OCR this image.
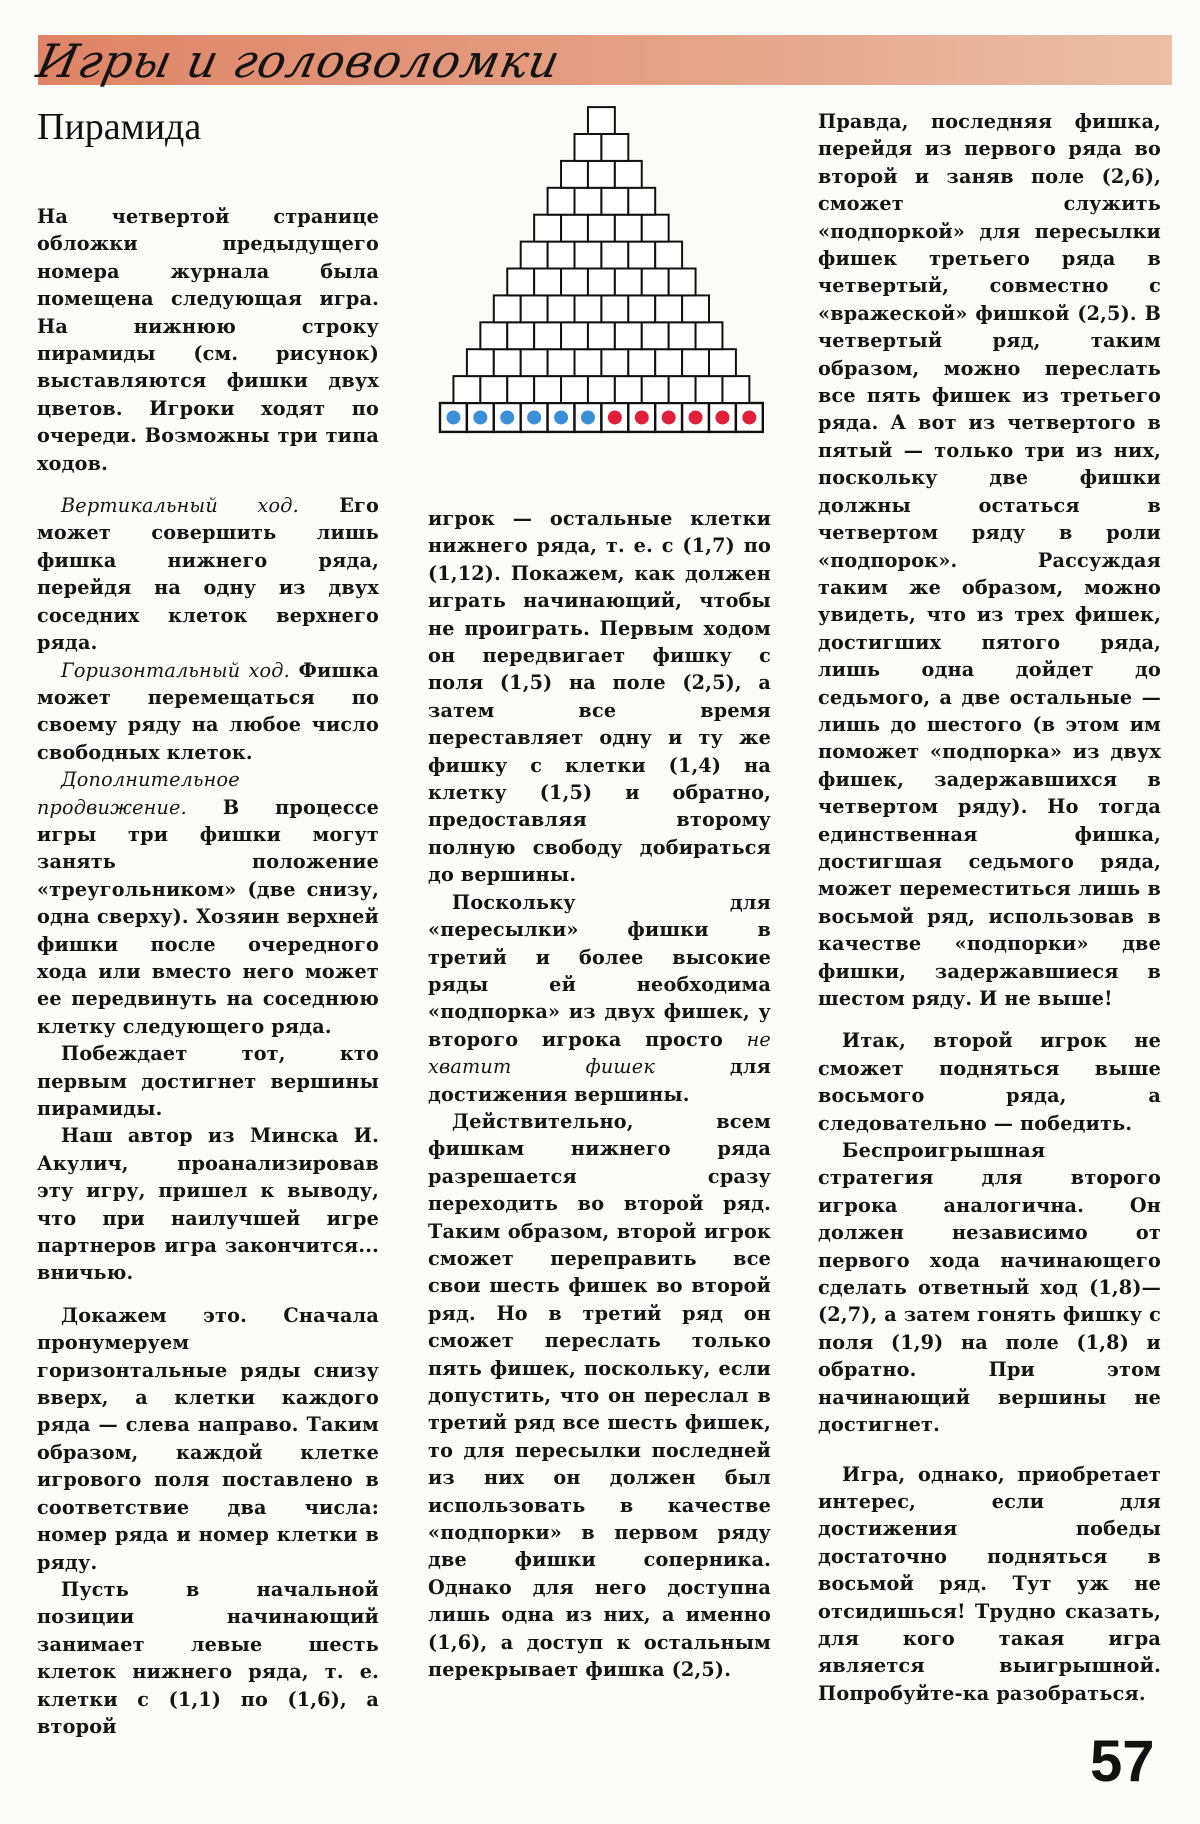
Игры и головоломки
Пирамида

На четвертой странице обложки предыдущего номера журнала была помещена следующая игра. На нижнюю строку пирамиды (см. рисунок) выставляются фишки двух цветов. Игроки ходят по очереди. Возможны три типа ходов.

Вертикальный ход. Его может совершить лишь фишка нижнего ряда, перейдя на одну из двух соседних клеток верхнего ряда.

Горизонтальный ход. Фишка может перемещаться по своему ряду на любое число свободных клеток.

Дополнительное продвижение. В процессе игры три фишки могут занять положение «треугольником» (две снизу, одна сверху). Хозяин верхней фишки после очередного хода или вместо него может ее передвинуть на соседнюю клетку следующего ряда.

Побеждает тот, кто первым достигнет вершины пирамиды.

Наш автор из Минска И. Акулич, проанализировав эту игру, пришел к выводу, что при наилучшей игре партнеров игра закончится... вничью.

Докажем это. Сначала пронумеруем горизонтальные ряды снизу вверх, а клетки каждого ряда — слева направо. Таким образом, каждой клетке игрового поля поставлено в соответствие два числа: номер ряда и номер клетки в ряду.

Пусть в начальной позиции начинающий занимает левые шесть клеток нижнего ряда, т. е. клетки с (1,1) по (1,6), а второй

игрок — остальные клетки нижнего ряда, т. е. с (1,7) по (1,12). Покажем, как должен играть начинающий, чтобы не проиграть. Первым ходом он передвигает фишку с поля (1,5) на поле (2,5), а затем все время переставляет одну и ту же фишку с клетки (1,4) на клетку (1,5) и обратно, предоставляя второму полную свободу добираться до вершины.

Поскольку для «пересылки» фишки в третий и более высокие ряды ей необходима «подпорка» из двух фишек, у второго игрока просто не хватит фишек для достижения вершины.

Действительно, всем фишкам нижнего ряда разрешается сразу переходить во второй ряд. Таким образом, второй игрок сможет переправить все свои шесть фишек во второй ряд. Но в третий ряд он сможет переслать только пять фишек, поскольку, если допустить, что он переслал в третий ряд все шесть фишек, то для пересылки последней из них он должен был использовать в качестве «подпорки» в первом ряду две фишки соперника. Однако для него доступна лишь одна из них, а именно (1,6), а доступ к остальным перекрывает фишка (2,5).

Правда, последняя фишка, перейдя из первого ряда во второй и заняв поле (2,6), сможет служить «подпоркой» для пересылки фишек третьего ряда в четвертый, совместно с «вражеской» фишкой (2,5). В четвертый ряд, таким образом, можно переслать все пять фишек из третьего ряда. А вот из четвертого в пятый — только три из них, поскольку две фишки должны остаться в четвертом ряду в роли «подпорок». Рассуждая таким же образом, можно увидеть, что из трех фишек, достигших пятого ряда, лишь одна дойдет до седьмого, а две остальные — лишь до шестого (в этом им поможет «подпорка» из двух фишек, задержавшихся в четвертом ряду). Но тогда единственная фишка, достигшая седьмого ряда, может переместиться лишь в восьмой ряд, использовав в качестве «подпорки» две фишки, задержавшиеся в шестом ряду. И не выше!

Итак, второй игрок не сможет подняться выше восьмого ряда, а следовательно — победить.

Беспроигрышная стратегия для второго игрока аналогична. Он должен независимо от первого хода начинающего сделать ответный ход (1,8)—(2,7), а затем гонять фишку с поля (1,9) на поле (1,8) и обратно. При этом начинающий вершины не достигнет.

Игра, однако, приобретает интерес, если для достижения победы достаточно подняться в восьмой ряд. Тут уж не отсидишься! Трудно сказать, для кого такая игра является выигрышной. Попробуйте-ка разобраться.

57
